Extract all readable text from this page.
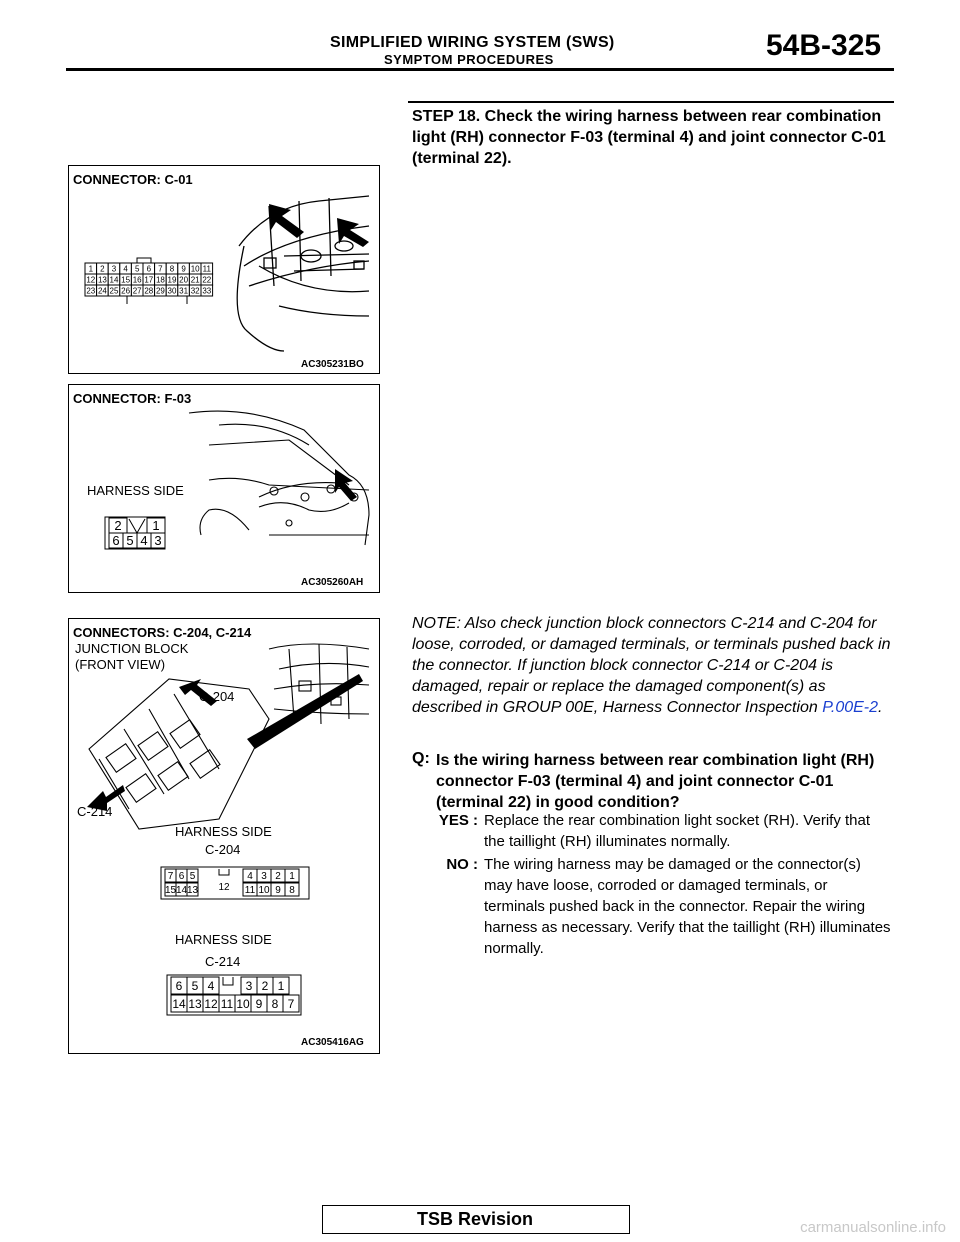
SIMPLIFIED WIRING SYSTEM (SWS)
SYMPTOM PROCEDURES	54B-325
STEP 18. Check the wiring harness between rear combination light (RH) connector F-03 (terminal 4) and joint connector C-01 (terminal 22).
1 2 3 4 5 6 7 8 9 10 11
12 13 14 15 16 17 18 19 20 21 22
23 24 25 26 27 28 29 30 31 32 33
CONNECTOR: C-01
AC305231BO
2 1
6 5 4 3
CONNECTOR: F-03
HARNESS SIDE
AC305260AH
7 6 5
15 14 13
4 3 2 1
11 10 9 8
12
6 5 4	3 2 1
14 13 12 11 10 9 8 7
CONNECTORS: C-204, C-214
JUNCTION BLOCK
(FRONT VIEW)
C-204
C-214
HARNESS SIDE
C-204
HARNESS SIDE
C-214
AC305416AG
NOTE: Also check junction block connectors C-214 and C-204 for loose, corroded, or damaged terminals, or terminals pushed back in the connector. If junction block connector C-214 or C-204 is damaged, repair or replace the damaged component(s) as described in GROUP 00E, Harness Connector Inspection P.00E-2.
Q: Is the wiring harness between rear combination light (RH) connector F-03 (terminal 4) and joint connector C-01 (terminal 22) in good condition?
YES : Replace the rear combination light socket (RH). Verify that the taillight (RH) illuminates normally.
NO : The wiring harness may be damaged or the connector(s) may have loose, corroded or damaged terminals, or terminals pushed back in the connector. Repair the wiring harness as necessary. Verify that the taillight (RH) illuminates normally.
TSB Revision	carmanualsonline.info
